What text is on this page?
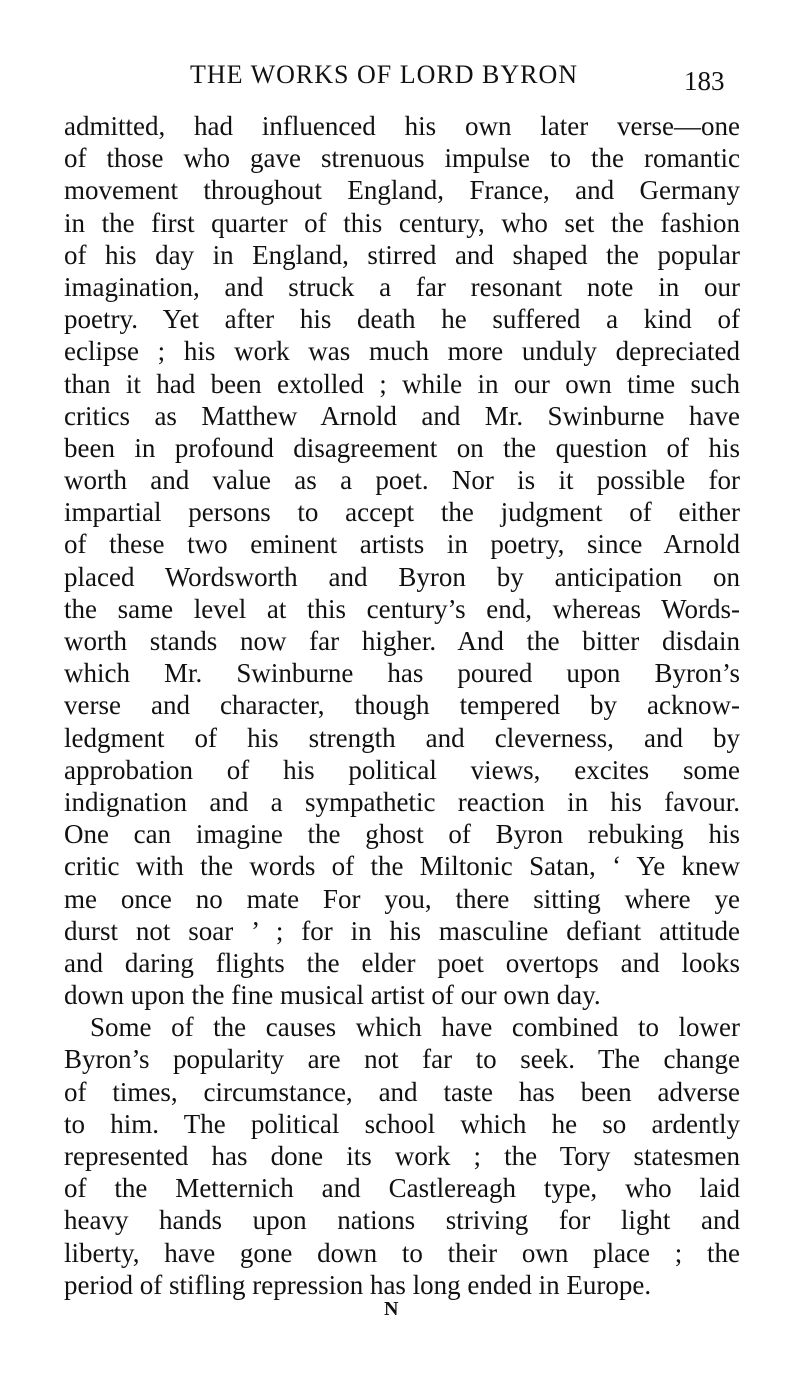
THE WORKS OF LORD BYRON	183
admitted, had influenced his own later verse—one
of those who gave strenuous impulse to the romantic
movement throughout England, France, and Germany
in the first quarter of this century, who set the fashion
of his day in England, stirred and shaped the popular
imagination, and struck a far resonant note in our
poetry. Yet after his death he suffered a kind of
eclipse ; his work was much more unduly depreciated
than it had been extolled ; while in our own time such
critics as Matthew Arnold and Mr. Swinburne have
been in profound disagreement on the question of his
worth and value as a poet. Nor is it possible for
impartial persons to accept the judgment of either
of these two eminent artists in poetry, since Arnold
placed Wordsworth and Byron by anticipation on
the same level at this century’s end, whereas Words-
worth stands now far higher. And the bitter disdain
which Mr. Swinburne has poured upon Byron’s
verse and character, though tempered by acknow-
ledgment of his strength and cleverness, and by
approbation of his political views, excites some
indignation and a sympathetic reaction in his favour.
One can imagine the ghost of Byron rebuking his
critic with the words of the Miltonic Satan, ‘ Ye knew
me once no mate For you, there sitting where ye
durst not soar ’ ; for in his masculine defiant attitude
and daring flights the elder poet overtops and looks
down upon the fine musical artist of our own day.
Some of the causes which have combined to lower
Byron’s popularity are not far to seek. The change
of times, circumstance, and taste has been adverse
to him. The political school which he so ardently
represented has done its work ; the Tory statesmen
of the Metternich and Castlereagh type, who laid
heavy hands upon nations striving for light and
liberty, have gone down to their own place ; the
period of stifling repression has long ended in Europe.
N
